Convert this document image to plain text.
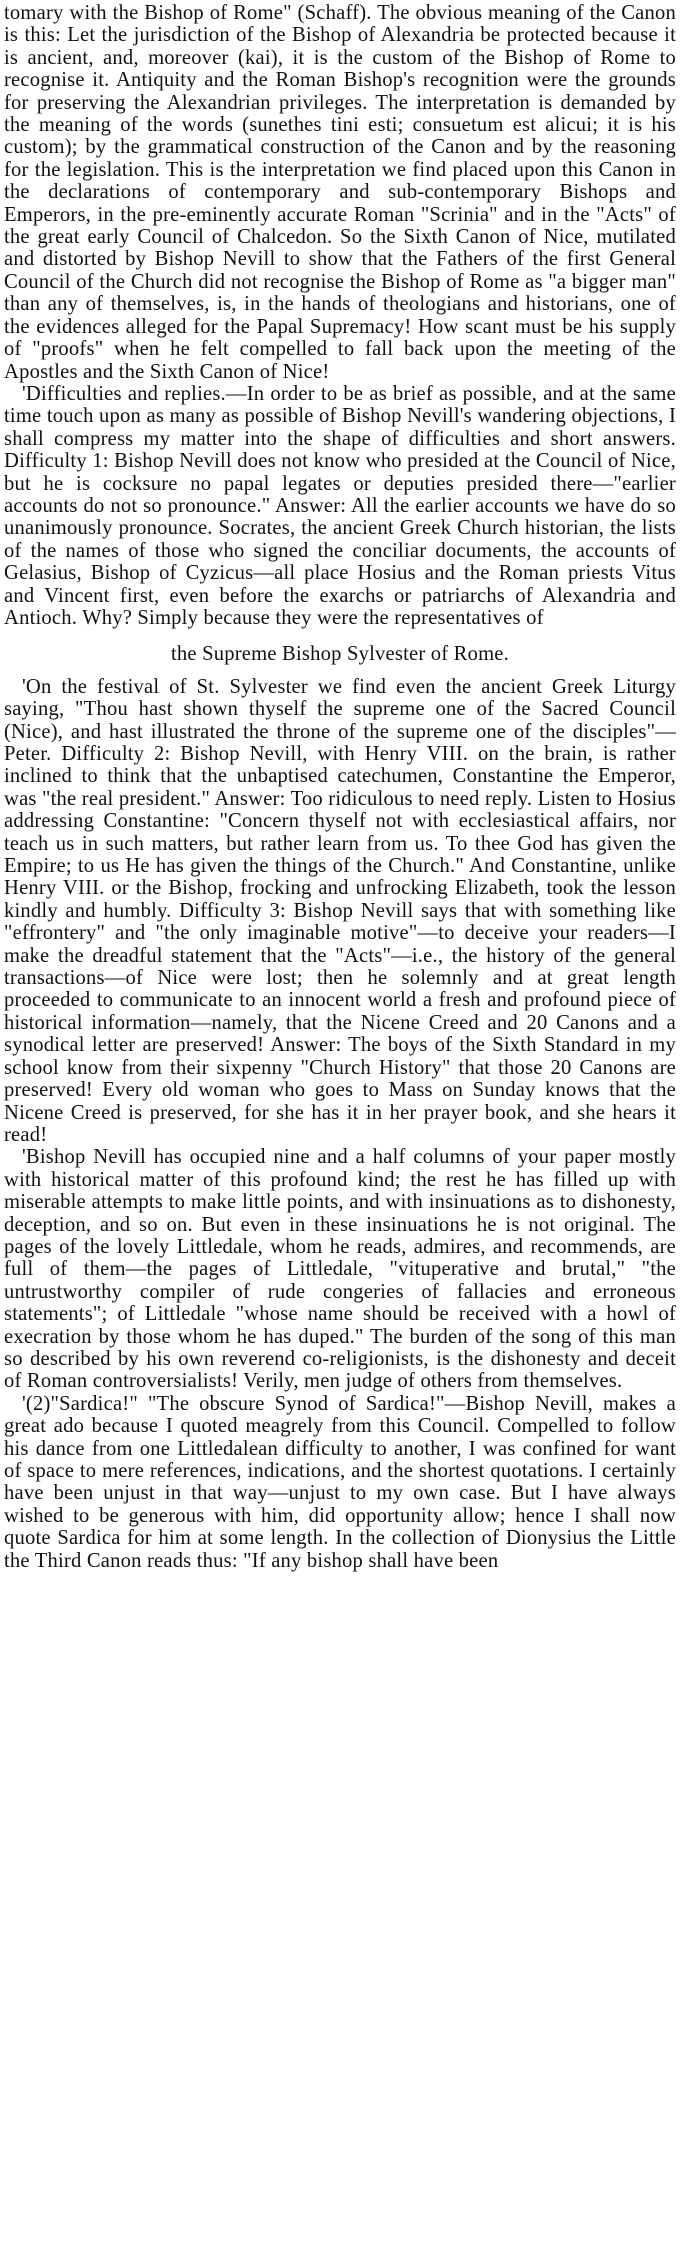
tomary with the Bishop of Rome" (Schaff). The obvious meaning of the Canon is this: Let the jurisdiction of the Bishop of Alexandria be protected because it is ancient, and, moreover (kai), it is the custom of the Bishop of Rome to recognise it. Antiquity and the Roman Bishop's recognition were the grounds for preserving the Alexandrian privileges. The interpretation is demanded by the meaning of the words (sunethes tini esti; consuetum est alicui; it is his custom); by the grammatical construction of the Canon and by the reasoning for the legislation. This is the interpretation we find placed upon this Canon in the declarations of contemporary and sub-contemporary Bishops and Emperors, in the pre-eminently accurate Roman "Scrinia" and in the "Acts" of the great early Council of Chalcedon. So the Sixth Canon of Nice, mutilated and distorted by Bishop Nevill to show that the Fathers of the first General Council of the Church did not recognise the Bishop of Rome as "a bigger man" than any of themselves, is, in the hands of theologians and historians, one of the evidences alleged for the Papal Supremacy! How scant must be his supply of "proofs" when he felt compelled to fall back upon the meeting of the Apostles and the Sixth Canon of Nice!

'Difficulties and replies.—In order to be as brief as possible, and at the same time touch upon as many as possible of Bishop Nevill's wandering objections, I shall compress my matter into the shape of difficulties and short answers. Difficulty 1: Bishop Nevill does not know who presided at the Council of Nice, but he is cocksure no papal legates or deputies presided there—"earlier accounts do not so pronounce." Answer: All the earlier accounts we have do so unanimously pronounce. Socrates, the ancient Greek Church historian, the lists of the names of those who signed the conciliar documents, the accounts of Gelasius, Bishop of Cyzicus—all place Hosius and the Roman priests Vitus and Vincent first, even before the exarchs or patriarchs of Alexandria and Antioch. Why? Simply because they were the representatives of

the Supreme Bishop Sylvester of Rome.

'On the festival of St. Sylvester we find even the ancient Greek Liturgy saying, "Thou hast shown thyself the supreme one of the Sacred Council (Nice), and hast illustrated the throne of the supreme one of the disciples"—Peter. Difficulty 2: Bishop Nevill, with Henry VIII. on the brain, is rather inclined to think that the unbaptised catechumen, Constantine the Emperor, was "the real president." Answer: Too ridiculous to need reply. Listen to Hosius addressing Constantine: "Concern thyself not with ecclesiastical affairs, nor teach us in such matters, but rather learn from us. To thee God has given the Empire; to us He has given the things of the Church." And Constantine, unlike Henry VIII. or the Bishop, frocking and unfrocking Elizabeth, took the lesson kindly and humbly. Difficulty 3: Bishop Nevill says that with something like "effrontery" and "the only imaginable motive"—to deceive your readers—I make the dreadful statement that the "Acts"—i.e., the history of the general transactions—of Nice were lost; then he solemnly and at great length proceeded to communicate to an innocent world a fresh and profound piece of historical information—namely, that the Nicene Creed and 20 Canons and a synodical letter are preserved! Answer: The boys of the Sixth Standard in my school know from their sixpenny "Church History" that those 20 Canons are preserved! Every old woman who goes to Mass on Sunday knows that the Nicene Creed is preserved, for she has it in her prayer book, and she hears it read!

'Bishop Nevill has occupied nine and a half columns of your paper mostly with historical matter of this profound kind; the rest he has filled up with miserable attempts to make little points, and with insinuations as to dishonesty, deception, and so on. But even in these insinuations he is not original. The pages of the lovely Littledale, whom he reads, admires, and recommends, are full of them—the pages of Littledale, "vituperative and brutal," "the untrustworthy compiler of rude congeries of fallacies and erroneous statements"; of Littledale "whose name should be received with a howl of execration by those whom he has duped." The burden of the song of this man so described by his own reverend co-religionists, is the dishonesty and deceit of Roman controversialists! Verily, men judge of others from themselves.

'(2)"Sardica!" "The obscure Synod of Sardica!"—Bishop Nevill, makes a great ado because I quoted meagrely from this Council. Compelled to follow his dance from one Littledalean difficulty to another, I was confined for want of space to mere references, indications, and the shortest quotations. I certainly have been unjust in that way—unjust to my own case. But I have always wished to be generous with him, did opportunity allow; hence I shall now quote Sardica for him at some length. In the collection of Dionysius the Little the Third Canon reads thus: "If any bishop shall have been
